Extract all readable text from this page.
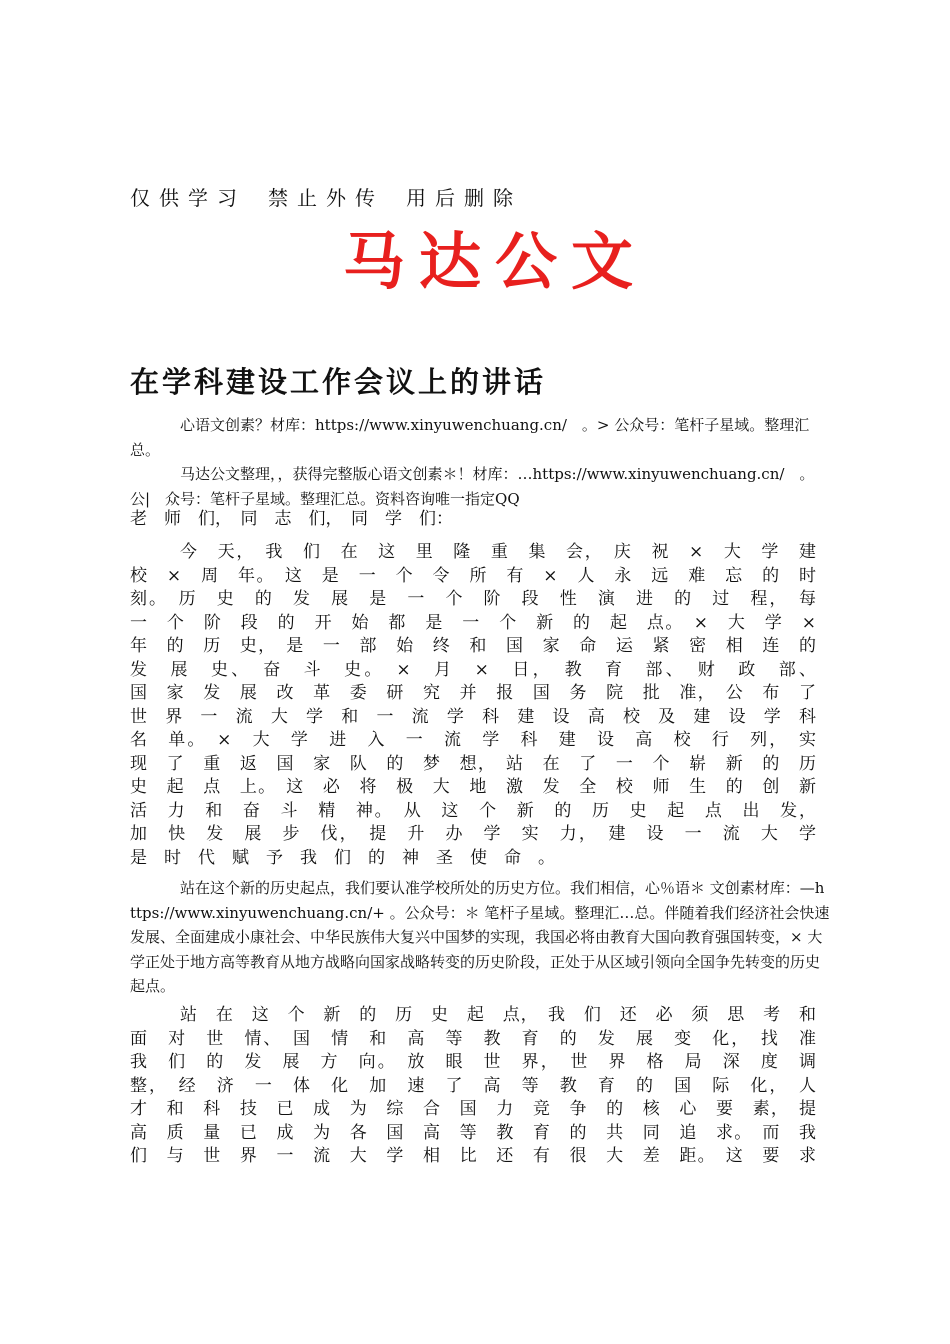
仅供学习 禁止外传 用后删除
马达公文
在学科建设工作会议上的讲话

心语文创素？材库：https://www.xinyuwenchuang.cn/　。> 公众号：笔杆子星域。整理汇总。

马达公文整理，，获得完整版心语文创素＊！材库：…https://www.xinyuwenchuang.cn/　。公|　众号：笔杆子星域。整理汇总。资料咨询唯一指定QQ

老　师　们，　同　志　们，　同　学　们：

今　天，　我　们　在　这　里　隆　重　集　会，　庆　祝　×　大　学　建
校　×　周　年。　这　是　一　个　令　所　有　×　人　永　远　难　忘　的　时
刻。　历　史　的　发　展　是　一　个　阶　段　性　演　进　的　过　程，　每
一　个　阶　段　的　开　始　都　是　一　个　新　的　起　点。　×　大　学　×
年　的　历　史，　是　一　部　始　终　和　国　家　命　运　紧　密　相　连　的
发　展　史、　奋　斗　史。　×　月　×　日，　教　育　部、　财　政　部、
国　家　发　展　改　革　委　研　究　并　报　国　务　院　批　准，　公　布　了
世　界　一　流　大　学　和　一　流　学　科　建　设　高　校　及　建　设　学　科
名　单。　×　大　学　进　入　一　流　学　科　建　设　高　校　行　列，　实
现　了　重　返　国　家　队　的　梦　想，　站　在　了　一　个　崭　新　的　历
史　起　点　上。　这　必　将　极　大　地　激　发　全　校　师　生　的　创　新
活　力　和　奋　斗　精　神。　从　这　个　新　的　历　史　起　点　出　发，
加　快　发　展　步　伐，　提　升　办　学　实　力，　建　设　一　流　大　学
是时代赋予我们的神圣使命。

站在这个新的历史起点，我们要认准学校所处的历史方位。我们相信，心％语＊ 文创素材库：—https://www.xinyuwenchuang.cn/+ 。公众号：＊ 笔杆子星域。整理汇…总。伴随着我们经济社会快速发展、全面建成小康社会、中华民族伟大复兴中国梦的实现，我国必将由教育大国向教育强国转变，× 大学正处于地方高等教育从地方战略向国家战略转变的历史阶段，正处于从区域引领向全国争先转变的历史起点。

站　在　这　个　新　的　历　史　起　点，　我　们　还　必　须　思　考　和
面　对　世　情、　国　情　和　高　等　教　育　的　发　展　变　化，　找　准
我　们　的　发　展　方　向。　放　眼　世　界，　世　界　格　局　深　度　调
整，　经　济　一　体　化　加　速　了　高　等　教　育　的　国　际　化，　人
才　和　科　技　已　成　为　综　合　国　力　竞　争　的　核　心　要　素，　提
高　质　量　已　成　为　各　国　高　等　教　育　的　共　同　追　求。　而　我
们　与　世　界　一　流　大　学　相　比　还　有　很　大　差　距。　这　要　求
